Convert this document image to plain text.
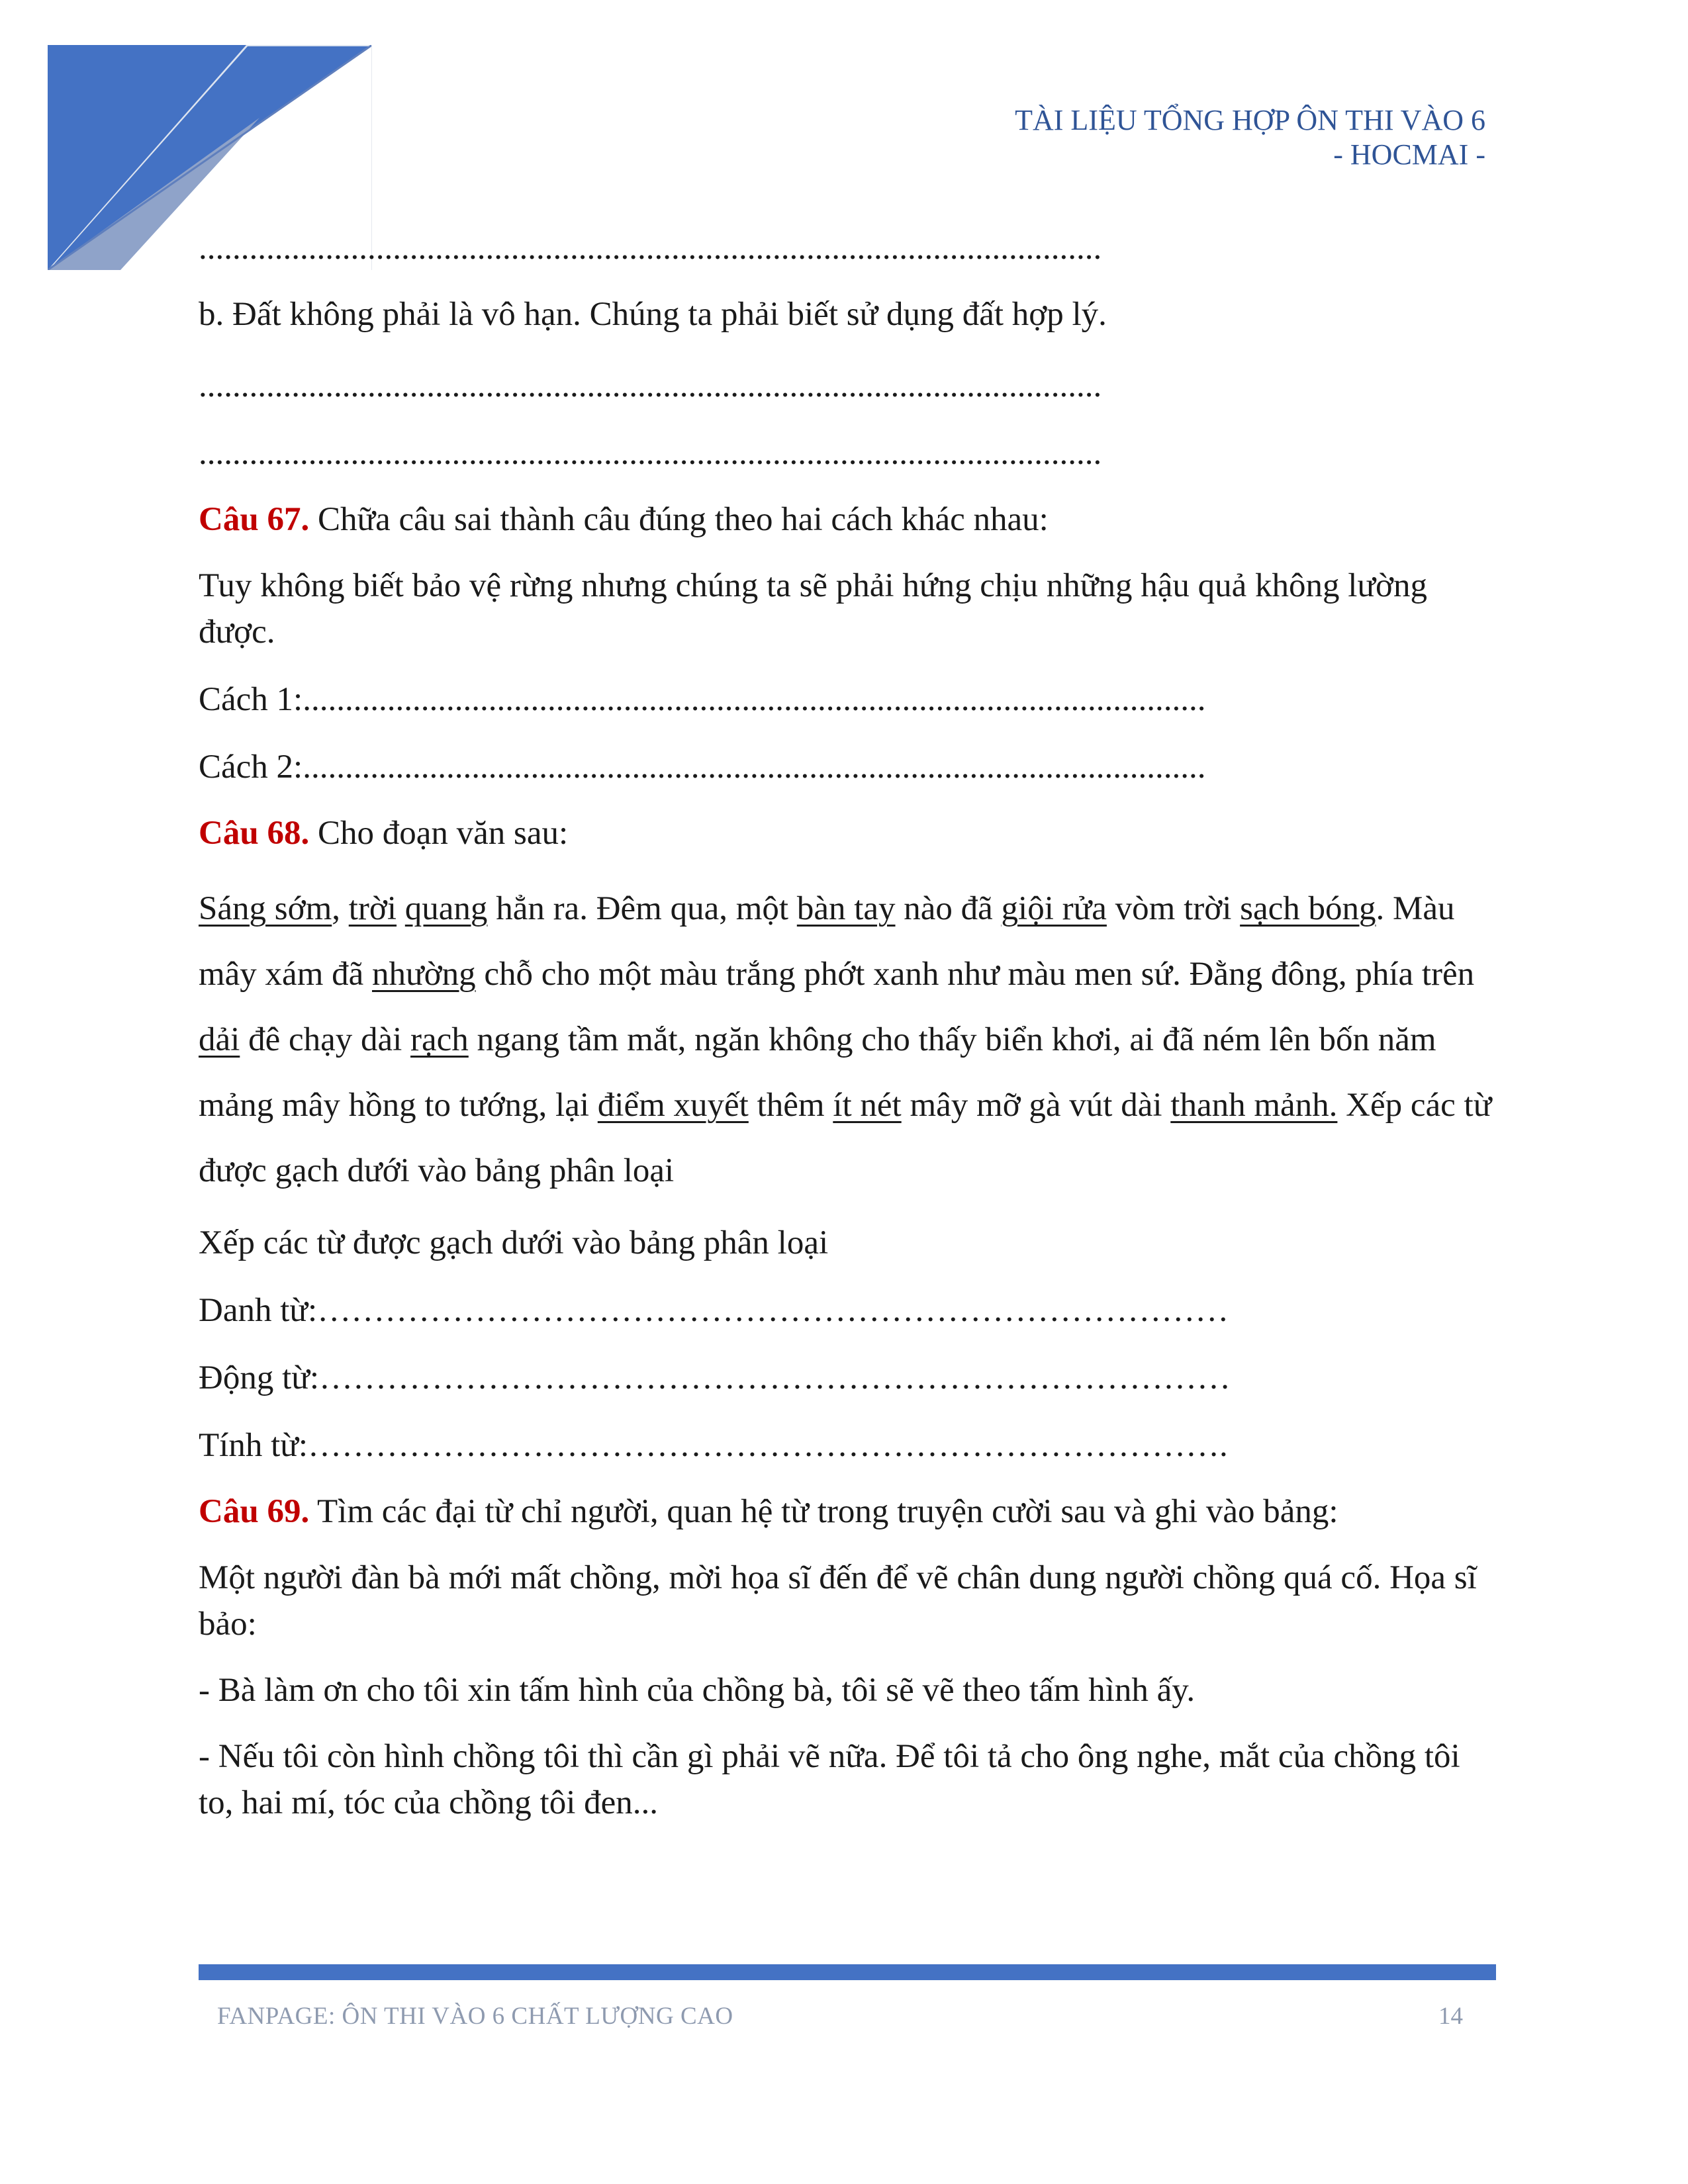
TÀI LIỆU TỔNG HỢP ÔN THI VÀO 6
- HOCMAI -

...........................................................................................................

b. Đất không phải là vô hạn. Chúng ta phải biết sử dụng đất hợp lý.

...........................................................................................................

...........................................................................................................

Câu 67. Chữa câu sai thành câu đúng theo hai cách khác nhau:

Tuy không biết bảo vệ rừng nhưng chúng ta sẽ phải hứng chịu những hậu quả không lường được.

Cách 1:...........................................................................................................

Cách 2:...........................................................................................................

Câu 68. Cho đoạn văn sau:

Sáng sớm, trời quang hẳn ra. Đêm qua, một bàn tay nào đã giội rửa vòm trời sạch bóng. Màu mây xám đã nhường chỗ cho một màu trắng phớt xanh như màu men sứ. Đằng đông, phía trên dải đê chạy dài rạch ngang tầm mắt, ngăn không cho thấy biển khơi, ai đã ném lên bốn năm mảng mây hồng to tướng, lại điểm xuyết thêm ít nét mây mỡ gà vút dài thanh mảnh. Xếp các từ được gạch dưới vào bảng phân loại

Xếp các từ được gạch dưới vào bảng phân loại

Danh từ:………………………………………………………………………

Động từ:………………………………………………………………………

Tính từ:……………………………………………………………………….

Câu 69. Tìm các đại từ chỉ người, quan hệ từ trong truyện cười sau và ghi vào bảng:

Một người đàn bà mới mất chồng, mời họa sĩ đến để vẽ chân dung người chồng quá cố. Họa sĩ bảo:

- Bà làm ơn cho tôi xin tấm hình của chồng bà, tôi sẽ vẽ theo tấm hình ấy.

- Nếu tôi còn hình chồng tôi thì cần gì phải vẽ nữa. Để tôi tả cho ông nghe, mắt của chồng tôi to, hai mí, tóc của chồng tôi đen...

FANPAGE: ÔN THI VÀO 6 CHẤT LƯỢNG CAO	14
